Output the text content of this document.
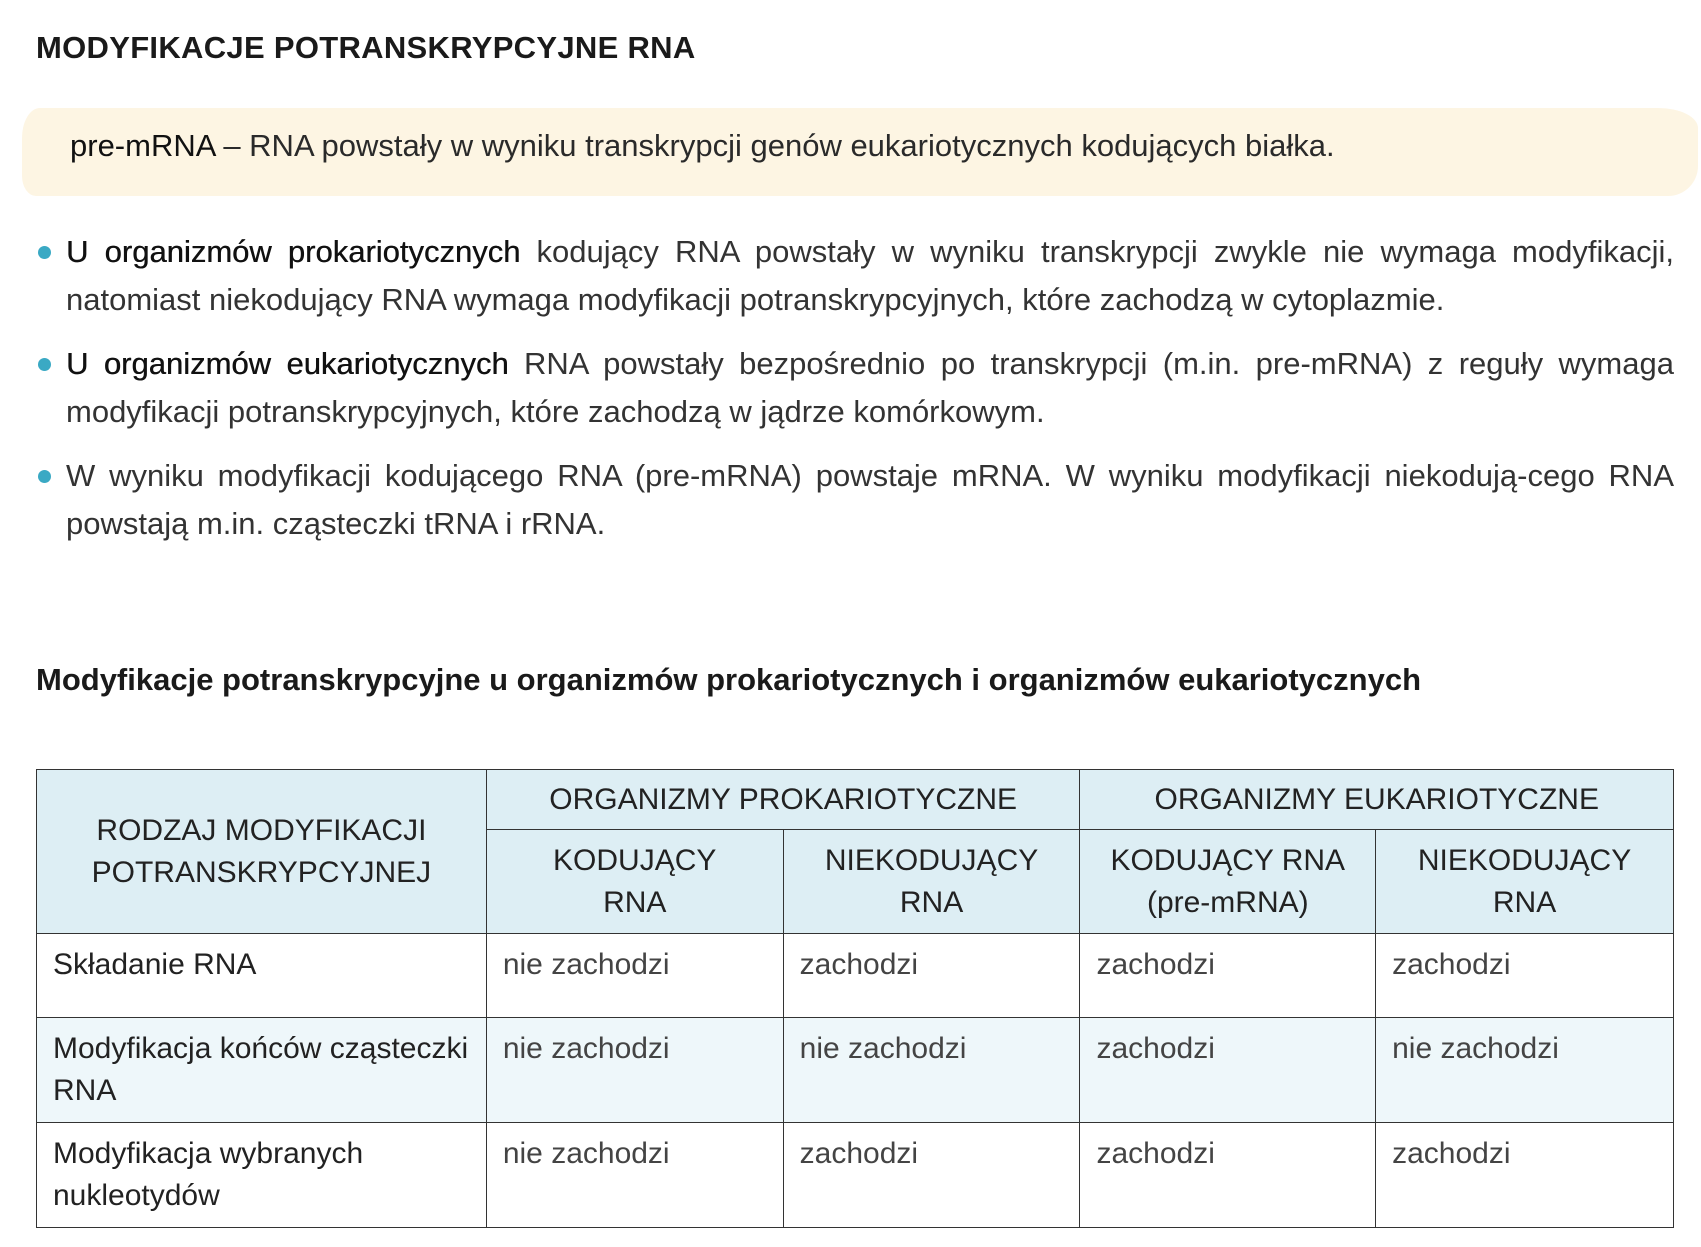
MODYFIKACJE POTRANSKRYPCYJNE RNA
pre-mRNA – RNA powstały w wyniku transkrypcji genów eukariotycznych kodujących białka.
U organizmów prokariotycznych kodujący RNA powstały w wyniku transkrypcji zwykle nie wymaga modyfikacji, natomiast niekodujący RNA wymaga modyfikacji potranskrypcyjnych, które zachodzą w cytoplazmie.
U organizmów eukariotycznych RNA powstały bezpośrednio po transkrypcji (m.in. pre-mRNA) z reguły wymaga modyfikacji potranskrypcyjnych, które zachodzą w jądrze komórkowym.
W wyniku modyfikacji kodującego RNA (pre-mRNA) powstaje mRNA. W wyniku modyfikacji niekodują-cego RNA powstają m.in. cząsteczki tRNA i rRNA.
Modyfikacje potranskrypcyjne u organizmów prokariotycznych i organizmów eukariotycznych
RODZAJ MODYFIKACJI POTRANSKRYPCYJNEJ	ORGANIZMY PROKARIOTYCZNE		ORGANIZMY EUKARIOTYCZNE	
	KODUJĄCY RNA	NIEKODUJĄCY RNA	KODUJĄCY RNA (pre-mRNA)	NIEKODUJĄCY RNA
Składanie RNA	nie zachodzi	zachodzi	zachodzi	zachodzi
Modyfikacja końców cząsteczki RNA	nie zachodzi	nie zachodzi	zachodzi	nie zachodzi
Modyfikacja wybranych nukleotydów	nie zachodzi	zachodzi	zachodzi	zachodzi
